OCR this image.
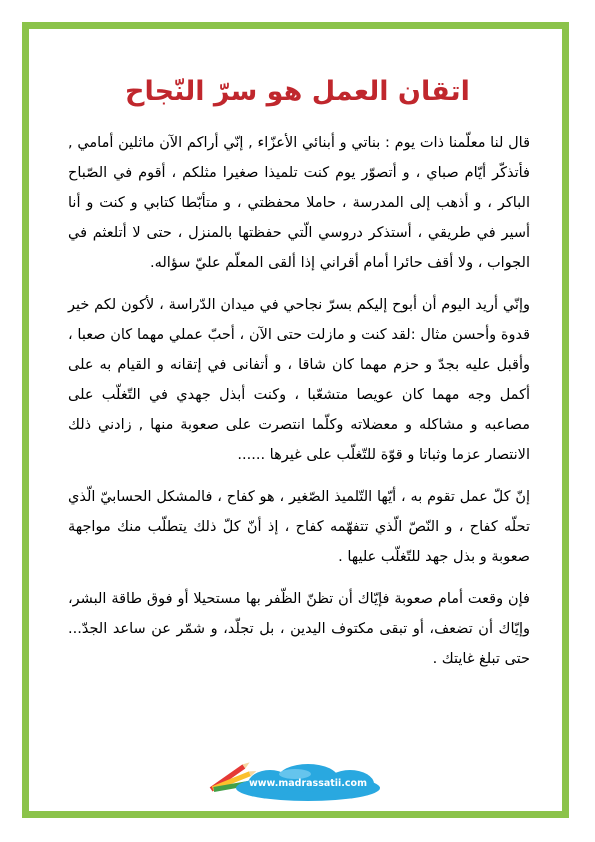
اتقان العمل هو سرّ النّجاح

قال لنا معلّمنا ذات يوم : بناتي و أبنائي الأعزّاء , إنّي أراكم الآن ماثلين أمامي , فأتذكّر أيّام صباي ، و أتصوّر يوم كنت تلميذا صغيرا مثلكم ، أقوم في الصّباح الباكر ، و أذهب إلى المدرسة ، حاملا محفظتي ، و متأبّطا كتابي و كنت و أنا أسير في طريقي ، أستذكر دروسي الّتي حفظتها بالمنزل ، حتى لا أتلعثم في الجواب ، ولا أقف حائرا أمام أقراني إذا ألقى المعلّم عليّ سؤاله.

وإنّي أريد اليوم أن أبوح إليكم بسرّ نجاحي في ميدان الدّراسة ، لأكون لكم خير قدوة وأحسن مثال :لقد كنت و مازلت حتى الآن ، أحبّ عملي مهما كان صعبا ، وأقبل عليه بجدّ و حزم مهما كان شاقا ، و أتفانى في إتقانه و القيام به على أكمل وجه مهما كان عويصا متشعّبا ، وكنت أبذل جهدي في التّغلّب على مصاعبه و مشاكله و معضلاته وكلّما انتصرت على صعوبة منها , زادني ذلك الانتصار عزما وثباتا و قوّة للتّغلّب على غيرها ......

إنّ كلّ عمل تقوم به ، أيّها التّلميذ الصّغير ، هو كفاح ، فالمشكل الحسابيّ الّذي تحلّه كفاح ، و النّصّ الّذي تتفهّمه كفاح ، إذ أنّ كلّ ذلك يتطلّب منك مواجهة صعوبة و بذل جهد للتّغلّب عليها .

فإن وقعت أمام صعوبة فإيّاك أن تظنّ الظّفر بها مستحيلا أو فوق طاقة البشر، وإيّاك أن تضعف، أو تبقى مكتوف اليدين ، بل تجلّد، و شمّر عن ساعد الجدّ... حتى تبلغ غايتك .

www.madrassatii.com
